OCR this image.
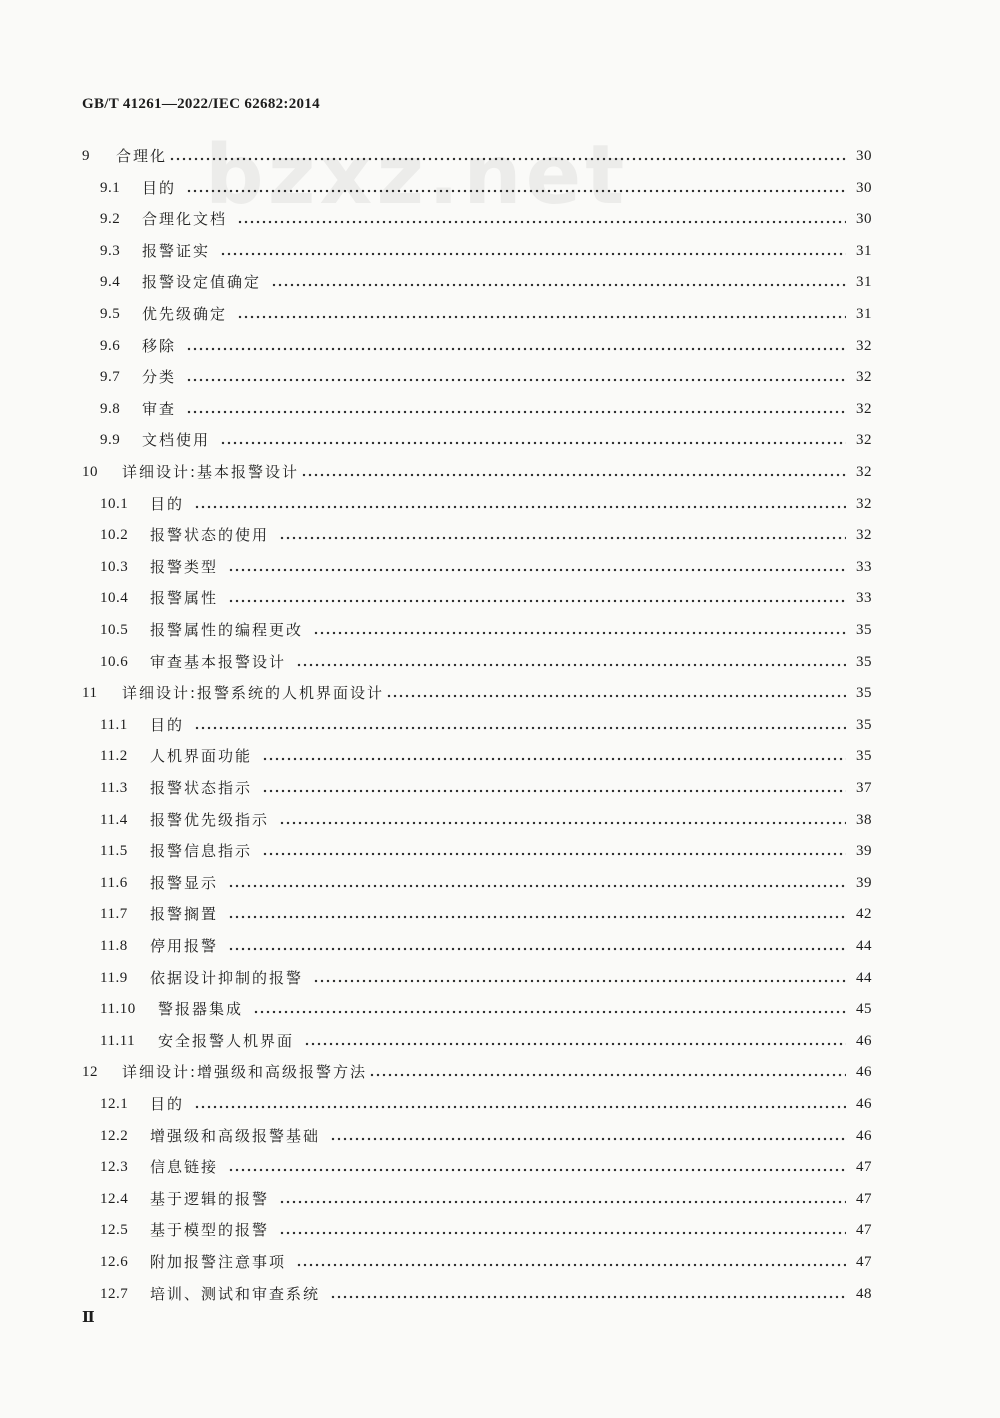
GB/T 41261—2022/IEC 62682:2014
9 合理化	30
9.1 目的	30
9.2 合理化文档	30
9.3 报警证实	31
9.4 报警设定值确定	31
9.5 优先级确定	31
9.6 移除	32
9.7 分类	32
9.8 审查	32
9.9 文档使用	32
10 详细设计:基本报警设计	32
10.1 目的	32
10.2 报警状态的使用	32
10.3 报警类型	33
10.4 报警属性	33
10.5 报警属性的编程更改	35
10.6 审查基本报警设计	35
11 详细设计:报警系统的人机界面设计	35
11.1 目的	35
11.2 人机界面功能	35
11.3 报警状态指示	37
11.4 报警优先级指示	38
11.5 报警信息指示	39
11.6 报警显示	39
11.7 报警搁置	42
11.8 停用报警	44
11.9 依据设计抑制的报警	44
11.10 警报器集成	45
11.11 安全报警人机界面	46
12 详细设计:增强级和高级报警方法	46
12.1 目的	46
12.2 增强级和高级报警基础	46
12.3 信息链接	47
12.4 基于逻辑的报警	47
12.5 基于模型的报警	47
12.6 附加报警注意事项	47
12.7 培训、测试和审查系统	48
Ⅱ
